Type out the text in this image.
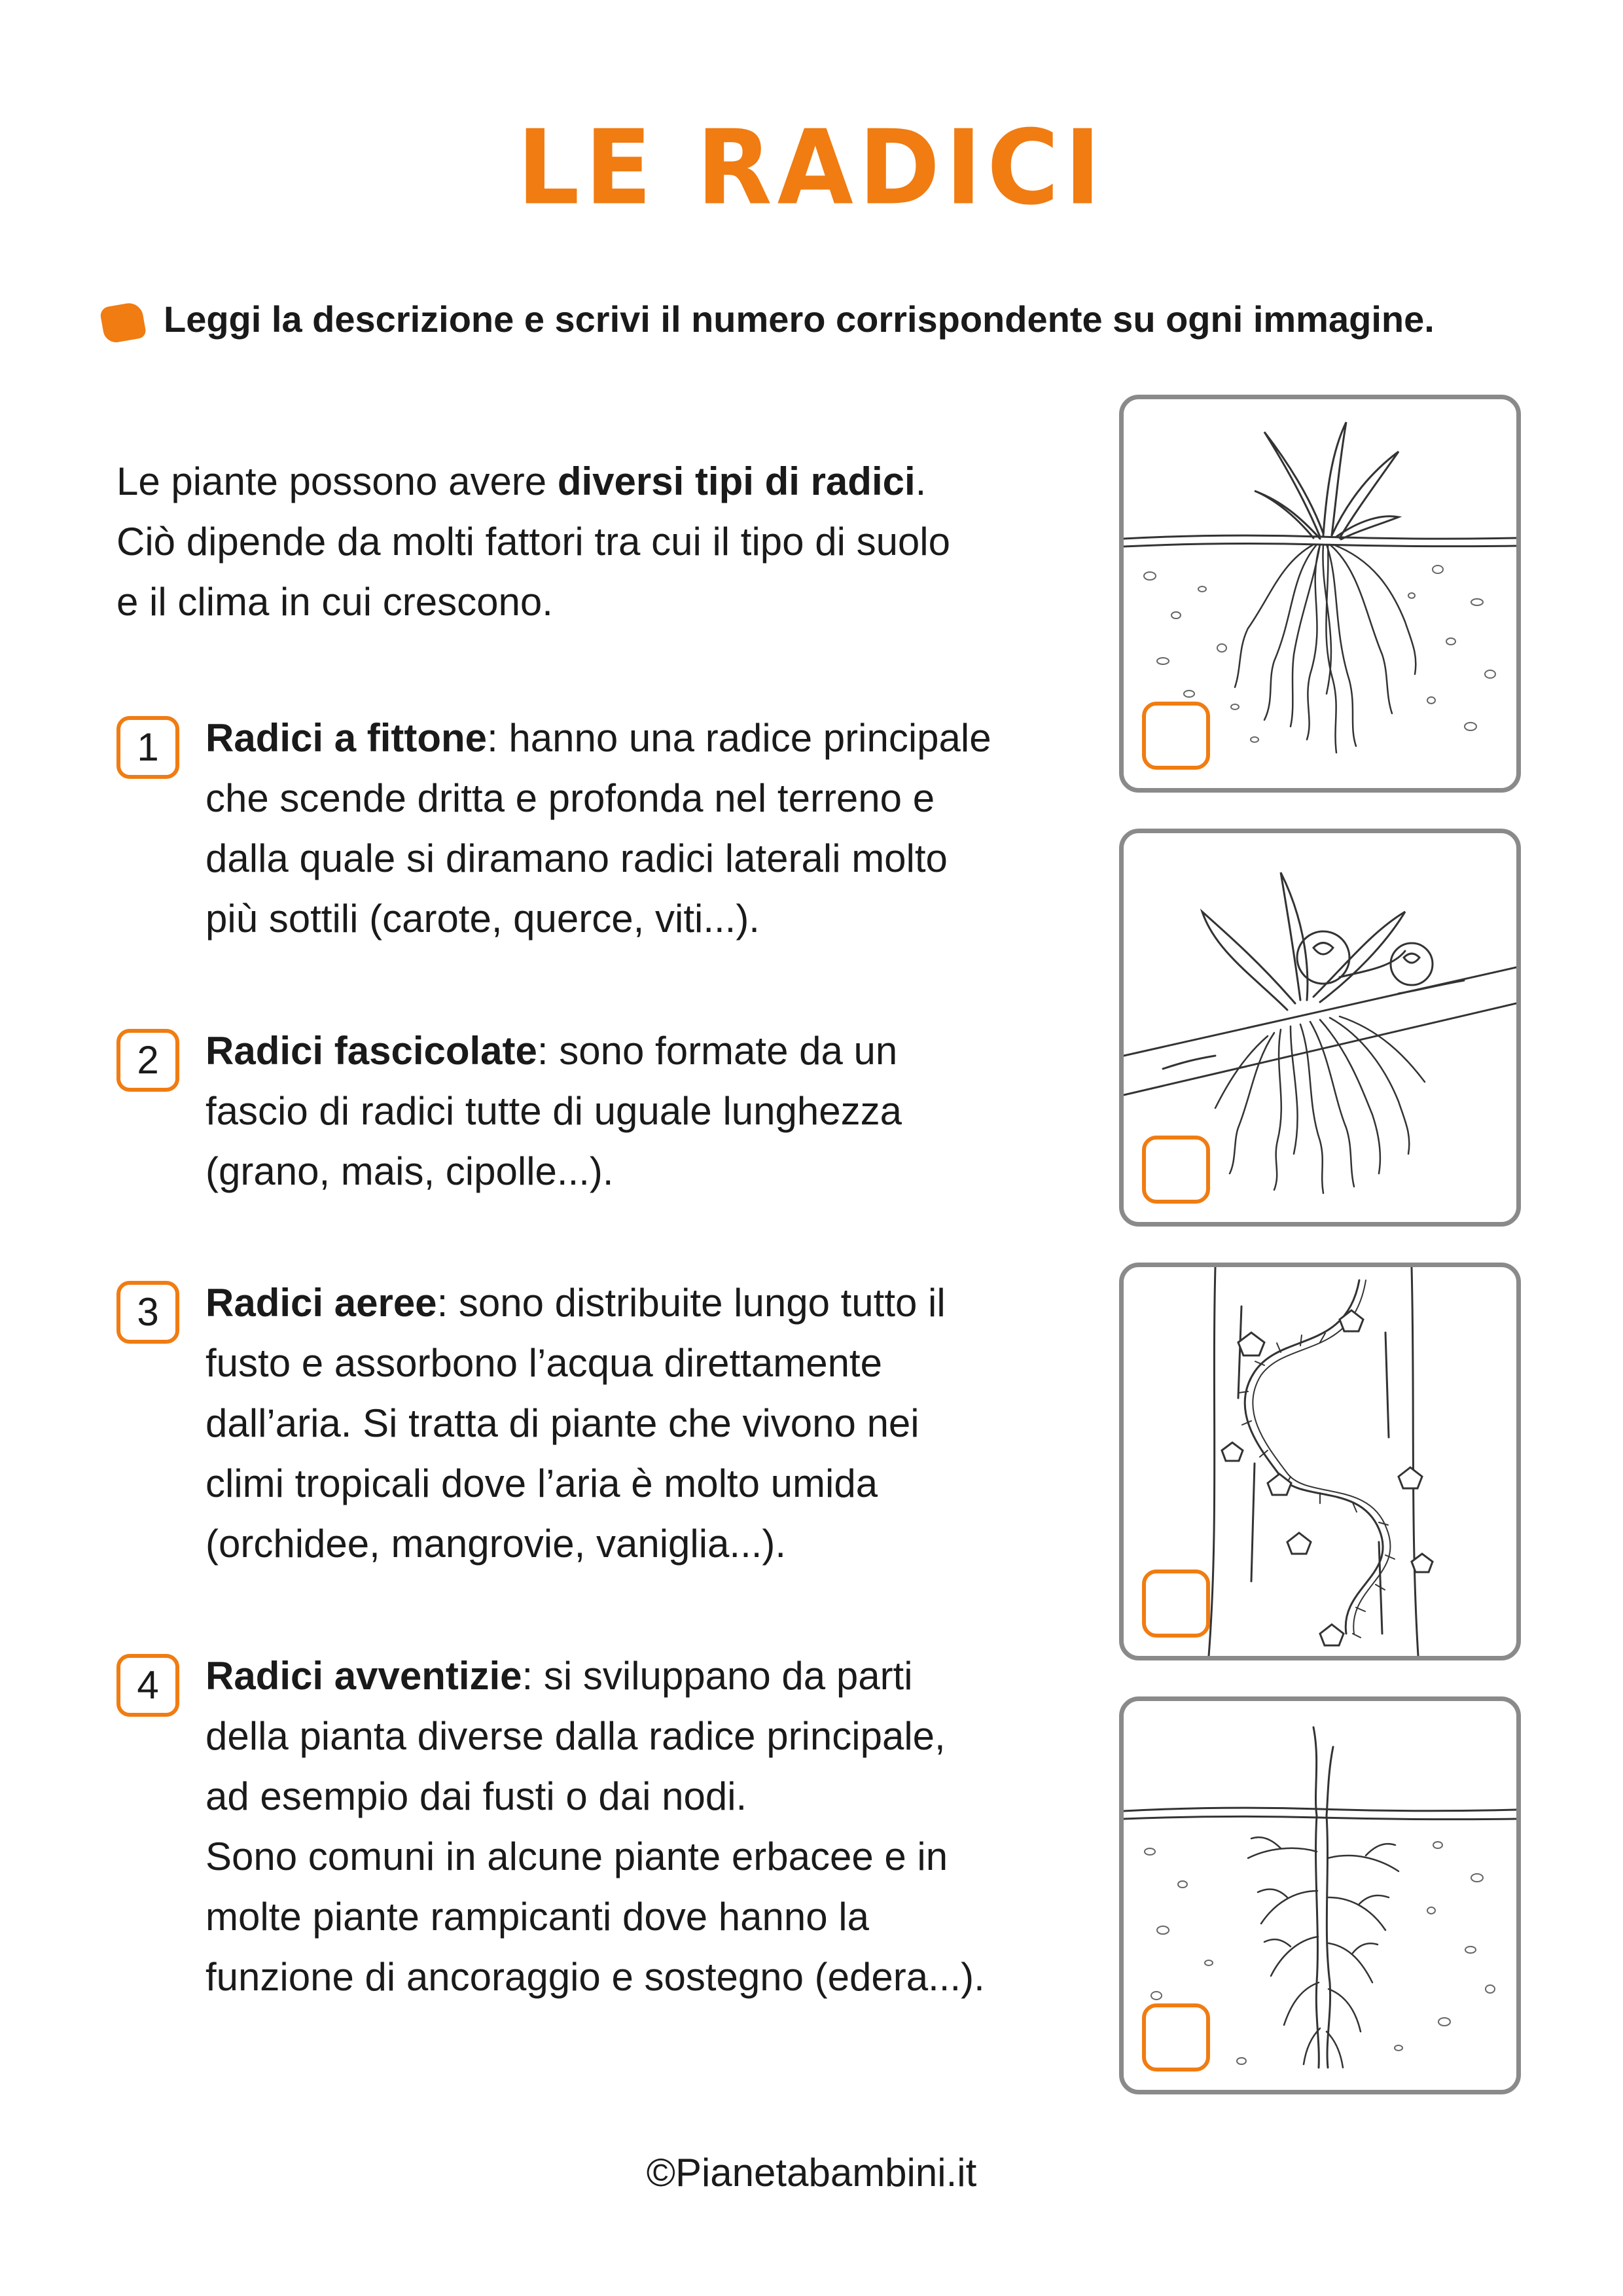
LE RADICI
Leggi la descrizione e scrivi il numero corrispondente su ogni immagine.

Le piante possono avere diversi tipi di radici.

Ciò dipende da molti fattori tra cui il tipo di suolo

e il clima in cui crescono.

1	Radici a fittone: hanno una radice principale

che scende dritta e profonda nel terreno e

dalla quale si diramano radici laterali molto

più sottili (carote, querce, viti...).

2	Radici fascicolate: sono formate da un

fascio di radici tutte di uguale lunghezza

(grano, mais, cipolle...).

3	Radici aeree: sono distribuite lungo tutto il

fusto e assorbono l’acqua direttamente

dall’aria. Si tratta di piante che vivono nei

climi tropicali dove l’aria è molto umida

(orchidee, mangrovie, vaniglia...).

4	Radici avventizie: si sviluppano da parti

della pianta diverse dalla radice principale,

ad esempio dai fusti o dai nodi.

Sono comuni in alcune piante erbacee e in

molte piante rampicanti dove hanno la

funzione di ancoraggio e sostegno (edera...).

©Pianetabambini.it
